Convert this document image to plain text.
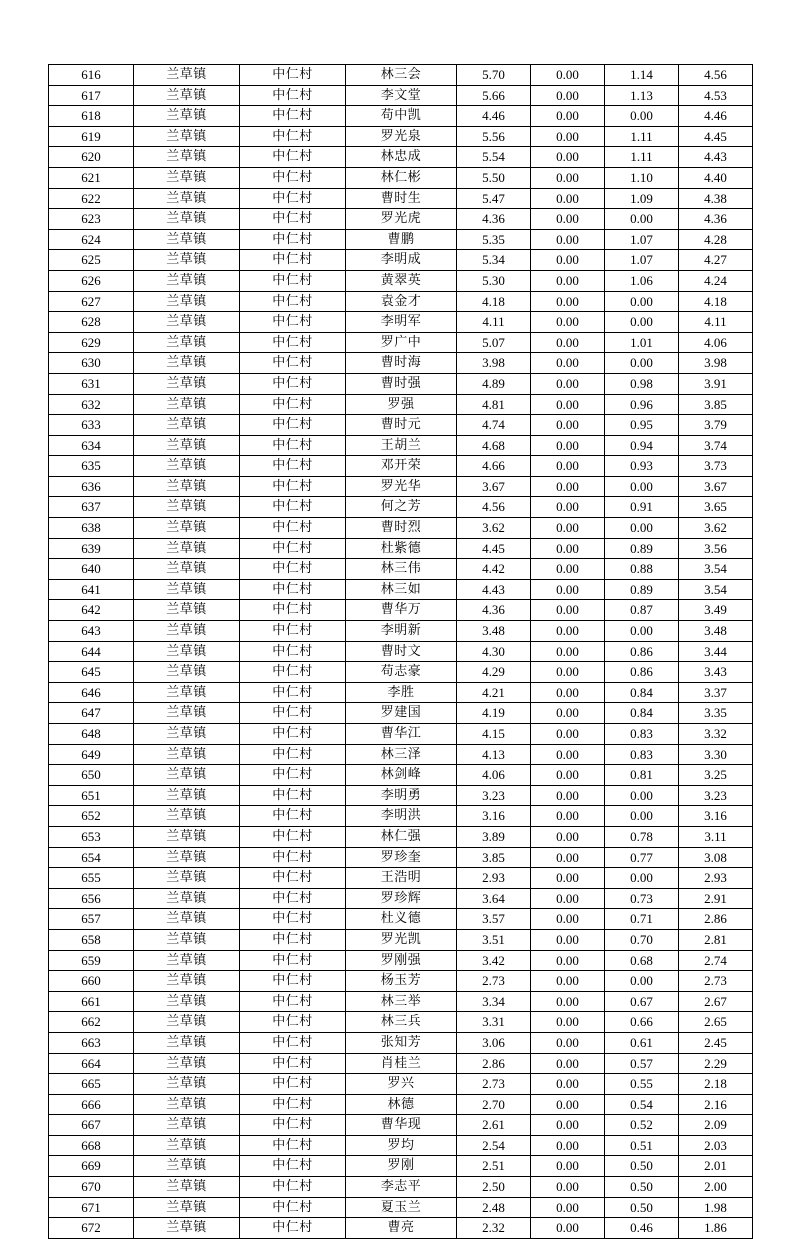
616	兰草镇	中仁村	林三会	5.70	0.00	1.14	4.56
617	兰草镇	中仁村	李文堂	5.66	0.00	1.13	4.53
618	兰草镇	中仁村	苟中凯	4.46	0.00	0.00	4.46
619	兰草镇	中仁村	罗光泉	5.56	0.00	1.11	4.45
620	兰草镇	中仁村	林忠成	5.54	0.00	1.11	4.43
621	兰草镇	中仁村	林仁彬	5.50	0.00	1.10	4.40
622	兰草镇	中仁村	曹时生	5.47	0.00	1.09	4.38
623	兰草镇	中仁村	罗光虎	4.36	0.00	0.00	4.36
624	兰草镇	中仁村	曹鹏	5.35	0.00	1.07	4.28
625	兰草镇	中仁村	李明成	5.34	0.00	1.07	4.27
626	兰草镇	中仁村	黄翠英	5.30	0.00	1.06	4.24
627	兰草镇	中仁村	袁金才	4.18	0.00	0.00	4.18
628	兰草镇	中仁村	李明军	4.11	0.00	0.00	4.11
629	兰草镇	中仁村	罗广中	5.07	0.00	1.01	4.06
630	兰草镇	中仁村	曹时海	3.98	0.00	0.00	3.98
631	兰草镇	中仁村	曹时强	4.89	0.00	0.98	3.91
632	兰草镇	中仁村	罗强	4.81	0.00	0.96	3.85
633	兰草镇	中仁村	曹时元	4.74	0.00	0.95	3.79
634	兰草镇	中仁村	王胡兰	4.68	0.00	0.94	3.74
635	兰草镇	中仁村	邓开荣	4.66	0.00	0.93	3.73
636	兰草镇	中仁村	罗光华	3.67	0.00	0.00	3.67
637	兰草镇	中仁村	何之芳	4.56	0.00	0.91	3.65
638	兰草镇	中仁村	曹时烈	3.62	0.00	0.00	3.62
639	兰草镇	中仁村	杜紫德	4.45	0.00	0.89	3.56
640	兰草镇	中仁村	林三伟	4.42	0.00	0.88	3.54
641	兰草镇	中仁村	林三如	4.43	0.00	0.89	3.54
642	兰草镇	中仁村	曹华万	4.36	0.00	0.87	3.49
643	兰草镇	中仁村	李明新	3.48	0.00	0.00	3.48
644	兰草镇	中仁村	曹时文	4.30	0.00	0.86	3.44
645	兰草镇	中仁村	苟志豪	4.29	0.00	0.86	3.43
646	兰草镇	中仁村	李胜	4.21	0.00	0.84	3.37
647	兰草镇	中仁村	罗建国	4.19	0.00	0.84	3.35
648	兰草镇	中仁村	曹华江	4.15	0.00	0.83	3.32
649	兰草镇	中仁村	林三泽	4.13	0.00	0.83	3.30
650	兰草镇	中仁村	林剑峰	4.06	0.00	0.81	3.25
651	兰草镇	中仁村	李明勇	3.23	0.00	0.00	3.23
652	兰草镇	中仁村	李明洪	3.16	0.00	0.00	3.16
653	兰草镇	中仁村	林仁强	3.89	0.00	0.78	3.11
654	兰草镇	中仁村	罗珍奎	3.85	0.00	0.77	3.08
655	兰草镇	中仁村	王浩明	2.93	0.00	0.00	2.93
656	兰草镇	中仁村	罗珍辉	3.64	0.00	0.73	2.91
657	兰草镇	中仁村	杜义德	3.57	0.00	0.71	2.86
658	兰草镇	中仁村	罗光凯	3.51	0.00	0.70	2.81
659	兰草镇	中仁村	罗刚强	3.42	0.00	0.68	2.74
660	兰草镇	中仁村	杨玉芳	2.73	0.00	0.00	2.73
661	兰草镇	中仁村	林三举	3.34	0.00	0.67	2.67
662	兰草镇	中仁村	林三兵	3.31	0.00	0.66	2.65
663	兰草镇	中仁村	张知芳	3.06	0.00	0.61	2.45
664	兰草镇	中仁村	肖桂兰	2.86	0.00	0.57	2.29
665	兰草镇	中仁村	罗兴	2.73	0.00	0.55	2.18
666	兰草镇	中仁村	林德	2.70	0.00	0.54	2.16
667	兰草镇	中仁村	曹华现	2.61	0.00	0.52	2.09
668	兰草镇	中仁村	罗均	2.54	0.00	0.51	2.03
669	兰草镇	中仁村	罗刚	2.51	0.00	0.50	2.01
670	兰草镇	中仁村	李志平	2.50	0.00	0.50	2.00
671	兰草镇	中仁村	夏玉兰	2.48	0.00	0.50	1.98
672	兰草镇	中仁村	曹亮	2.32	0.00	0.46	1.86
